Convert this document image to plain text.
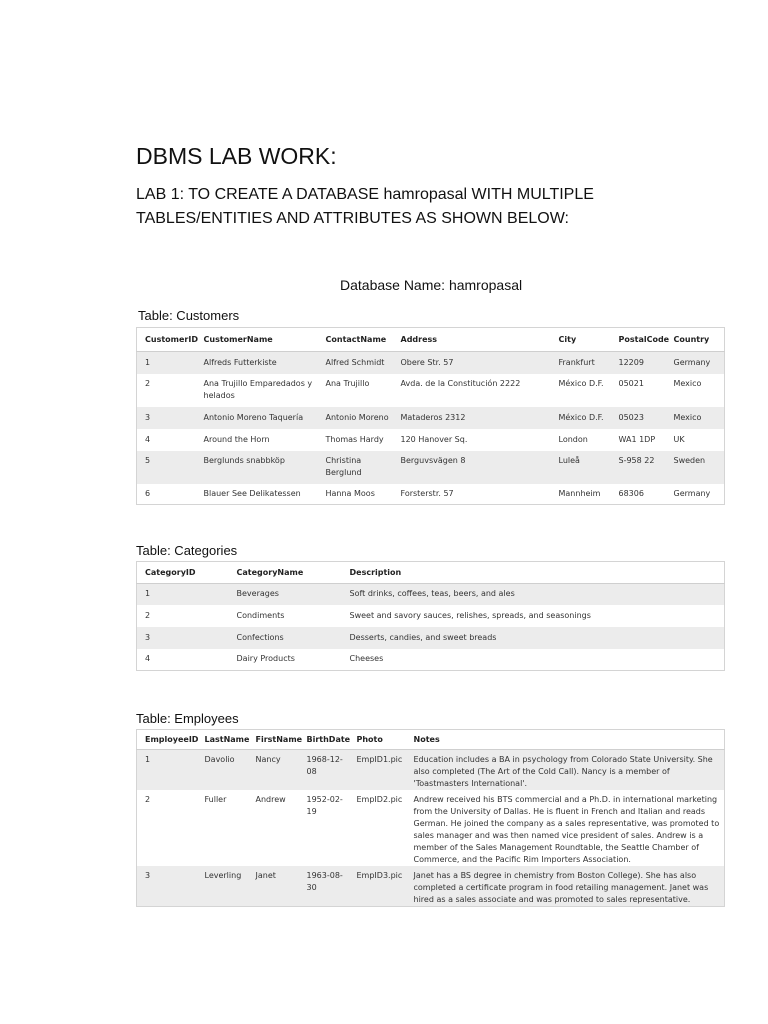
DBMS LAB WORK:
LAB 1: TO CREATE A DATABASE hamropasal WITH MULTIPLE
TABLES/ENTITIES AND ATTRIBUTES AS SHOWN BELOW:
Database Name: hamropasal
Table: Customers
CustomerID	CustomerName	ContactName	Address	City	PostalCode	Country
1	Alfreds Futterkiste	Alfred Schmidt	Obere Str. 57	Frankfurt	12209	Germany
2	Ana Trujillo Emparedados y helados	Ana Trujillo	Avda. de la Constitución 2222	México D.F.	05021	Mexico
3	Antonio Moreno Taquería	Antonio Moreno	Mataderos 2312	México D.F.	05023	Mexico
4	Around the Horn	Thomas Hardy	120 Hanover Sq.	London	WA1 1DP	UK
5	Berglunds snabbköp	Christina Berglund	Berguvsvägen 8	Luleå	S-958 22	Sweden
6	Blauer See Delikatessen	Hanna Moos	Forsterstr. 57	Mannheim	68306	Germany
Table: Categories
CategoryID	CategoryName	Description
1	Beverages	Soft drinks, coffees, teas, beers, and ales
2	Condiments	Sweet and savory sauces, relishes, spreads, and seasonings
3	Confections	Desserts, candies, and sweet breads
4	Dairy Products	Cheeses
Table: Employees
EmployeeID	LastName	FirstName	BirthDate	Photo	Notes
1	Davolio	Nancy	1968-12-08	EmpID1.pic	Education includes a BA in psychology from Colorado State University. She also completed (The Art of the Cold Call). Nancy is a member of 'Toastmasters International'.
2	Fuller	Andrew	1952-02-19	EmpID2.pic	Andrew received his BTS commercial and a Ph.D. in international marketing from the University of Dallas. He is fluent in French and Italian and reads German. He joined the company as a sales representative, was promoted to sales manager and was then named vice president of sales. Andrew is a member of the Sales Management Roundtable, the Seattle Chamber of Commerce, and the Pacific Rim Importers Association.
3	Leverling	Janet	1963-08-30	EmpID3.pic	Janet has a BS degree in chemistry from Boston College). She has also completed a certificate program in food retailing management. Janet was hired as a sales associate and was promoted to sales representative.
